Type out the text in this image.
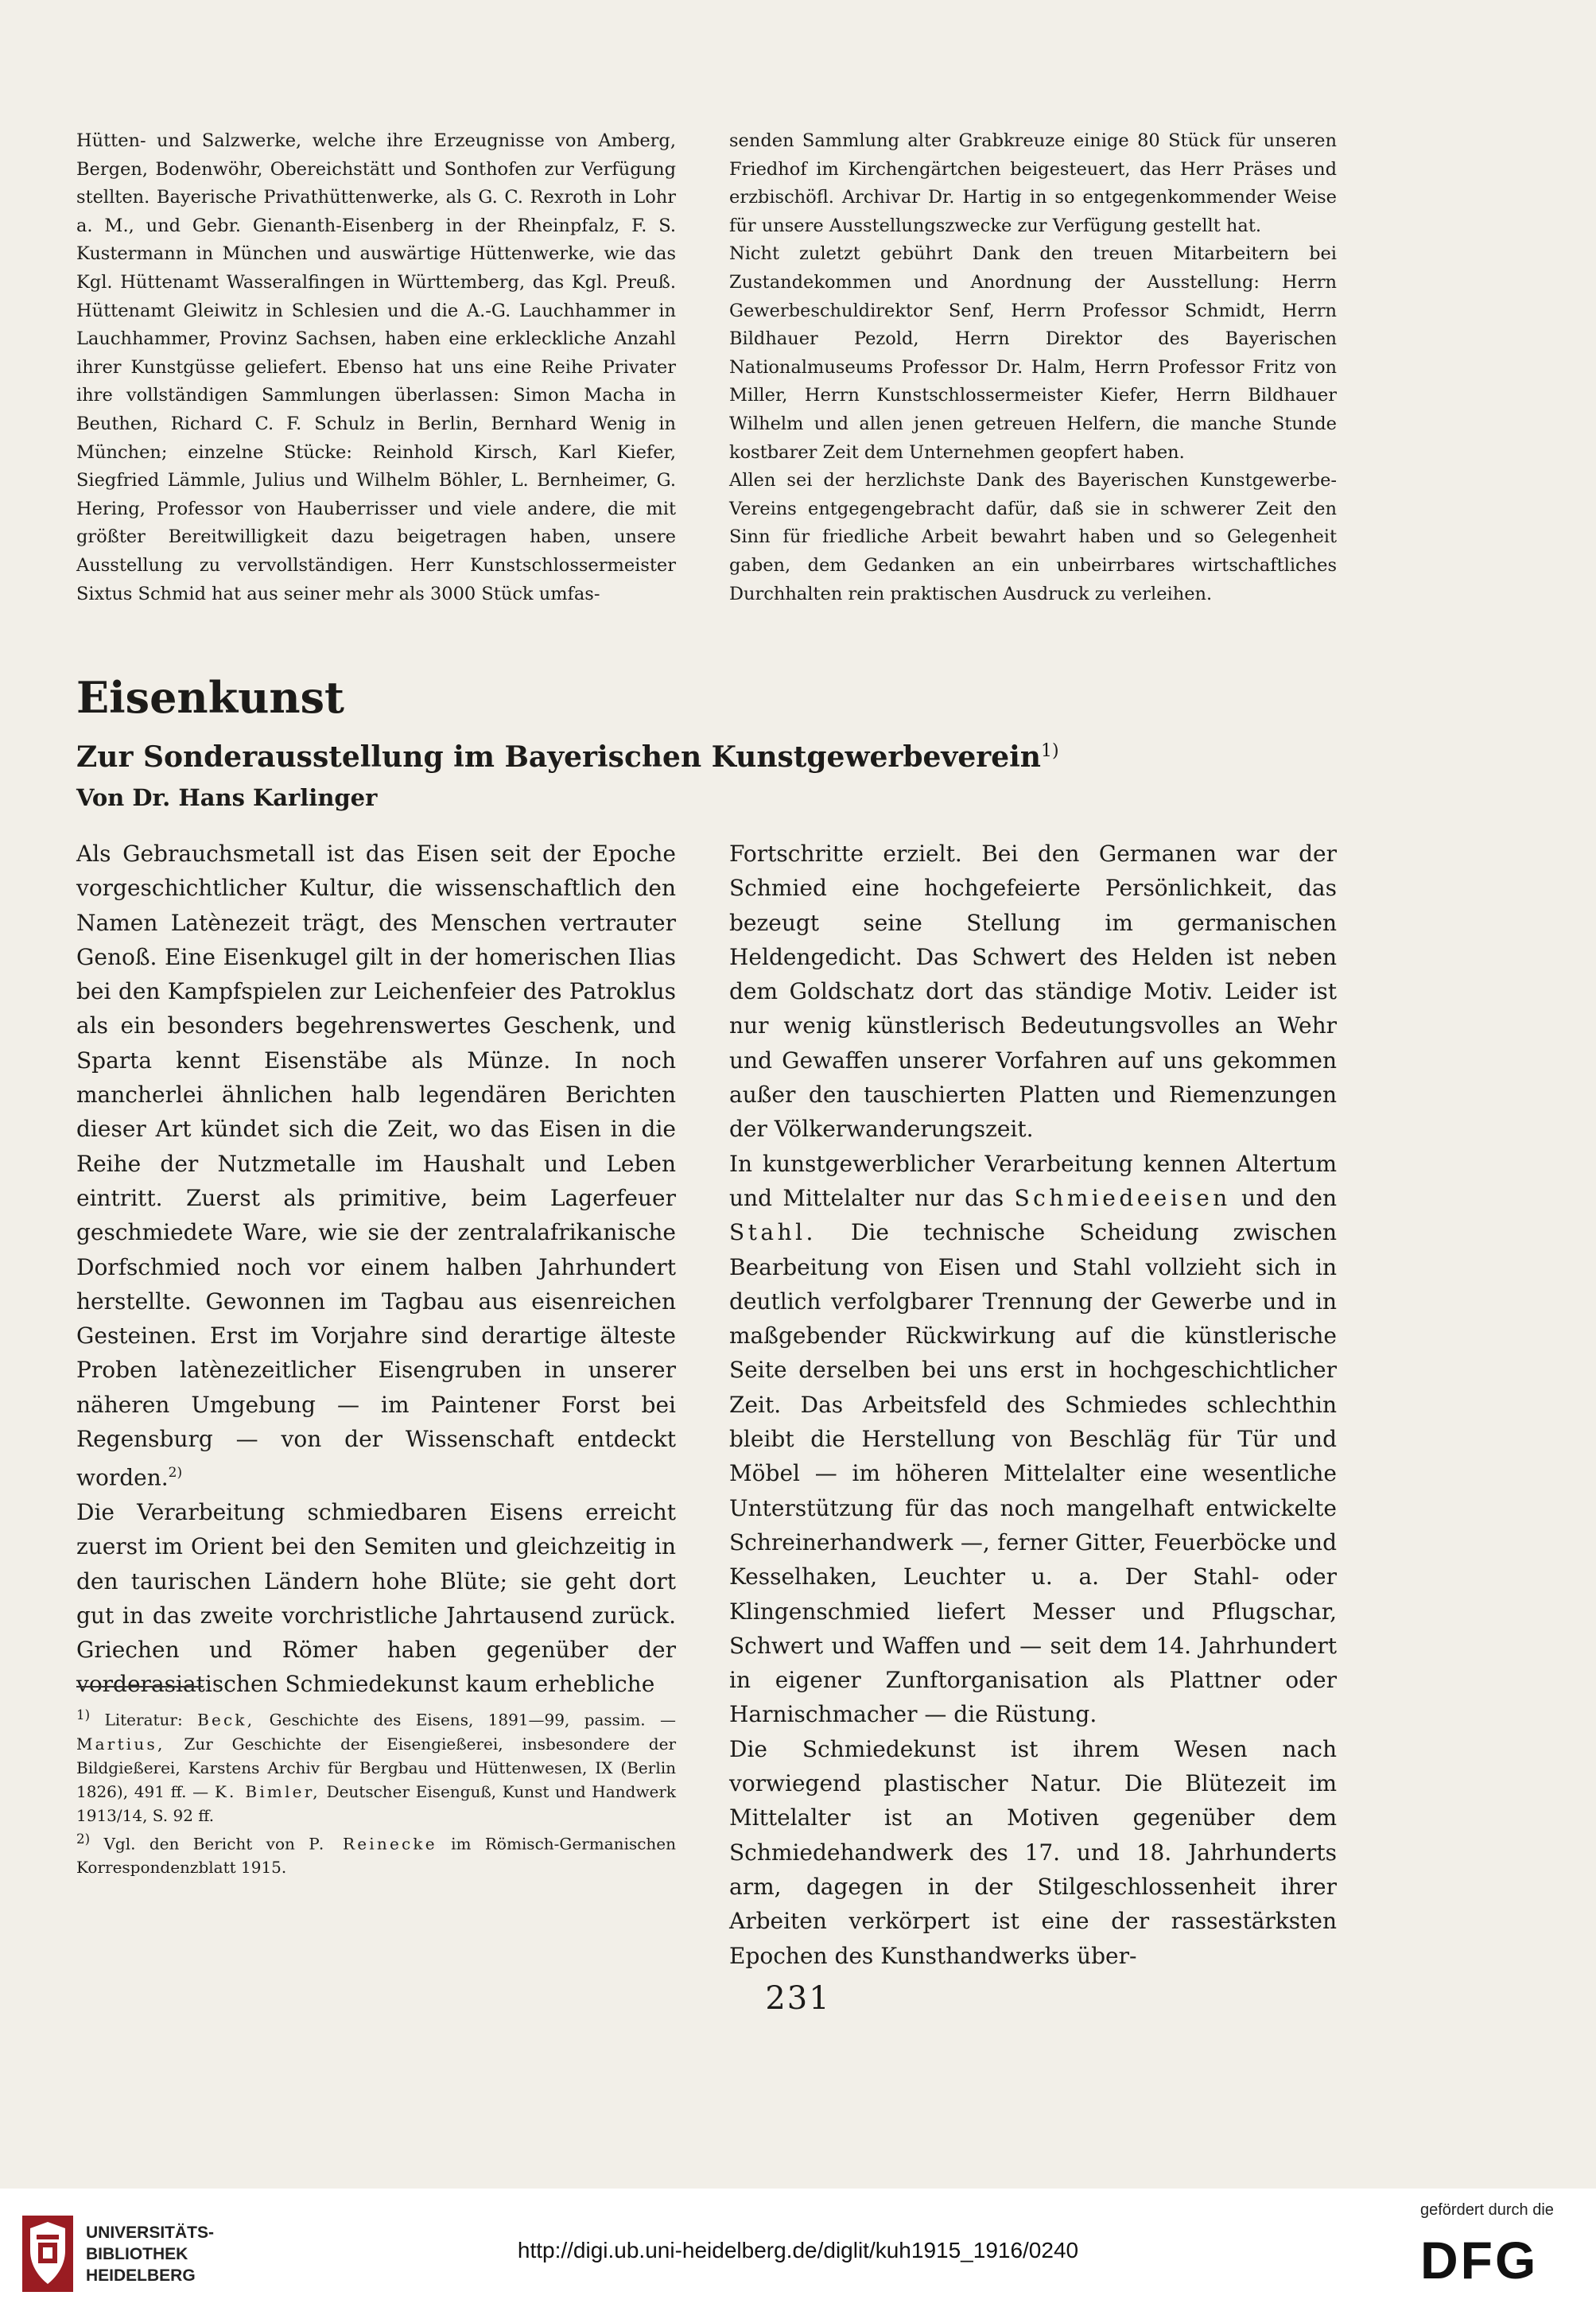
Hütten- und Salzwerke, welche ihre Erzeugnisse von Amberg, Bergen, Bodenwöhr, Obereichstätt und Sonthofen zur Verfügung stellten. Bayerische Privathüttenwerke, als G. C. Rexroth in Lohr a. M., und Gebr. Gienanth-Eisenberg in der Rheinpfalz, F. S. Kustermann in München und auswärtige Hüttenwerke, wie das Kgl. Hüttenamt Wasseralfingen in Württemberg, das Kgl. Preuß. Hüttenamt Gleiwitz in Schlesien und die A.-G. Lauchhammer in Lauchhammer, Provinz Sachsen, haben eine erkleckliche Anzahl ihrer Kunstgüsse geliefert. Ebenso hat uns eine Reihe Privater ihre vollständigen Sammlungen überlassen: Simon Macha in Beuthen, Richard C. F. Schulz in Berlin, Bernhard Wenig in München; einzelne Stücke: Reinhold Kirsch, Karl Kiefer, Siegfried Lämmle, Julius und Wilhelm Böhler, L. Bernheimer, G. Hering, Professor von Hauberrisser und viele andere, die mit größter Bereitwilligkeit dazu beigetragen haben, unsere Ausstellung zu vervollständigen. Herr Kunstschlossermeister Sixtus Schmid hat aus seiner mehr als 3000 Stück umfas-

senden Sammlung alter Grabkreuze einige 80 Stück für unseren Friedhof im Kirchengärtchen beigesteuert, das Herr Präses und erzbischöfl. Archivar Dr. Hartig in so entgegenkommender Weise für unsere Ausstellungszwecke zur Verfügung gestellt hat.

Nicht zuletzt gebührt Dank den treuen Mitarbeitern bei Zustandekommen und Anordnung der Ausstellung: Herrn Gewerbeschuldirektor Senf, Herrn Professor Schmidt, Herrn Bildhauer Pezold, Herrn Direktor des Bayerischen Nationalmuseums Professor Dr. Halm, Herrn Professor Fritz von Miller, Herrn Kunstschlossermeister Kiefer, Herrn Bildhauer Wilhelm und allen jenen getreuen Helfern, die manche Stunde kostbarer Zeit dem Unternehmen geopfert haben.

Allen sei der herzlichste Dank des Bayerischen Kunstgewerbe-Vereins entgegengebracht dafür, daß sie in schwerer Zeit den Sinn für friedliche Arbeit bewahrt haben und so Gelegenheit gaben, dem Gedanken an ein unbeirrbares wirtschaftliches Durchhalten rein praktischen Ausdruck zu verleihen.

Eisenkunst
Zur Sonderausstellung im Bayerischen Kunstgewerbeverein$^{1)}$

Von Dr. Hans Karlinger

Als Gebrauchsmetall ist das Eisen seit der Epoche vorgeschichtlicher Kultur, die wissenschaftlich den Namen Latènezeit trägt, des Menschen vertrauter Genoß. Eine Eisenkugel gilt in der homerischen Ilias bei den Kampfspielen zur Leichenfeier des Patroklus als ein besonders begehrenswertes Geschenk, und Sparta kennt Eisenstäbe als Münze. In noch mancherlei ähnlichen halb legendären Berichten dieser Art kündet sich die Zeit, wo das Eisen in die Reihe der Nutzmetalle im Haushalt und Leben eintritt. Zuerst als primitive, beim Lagerfeuer geschmiedete Ware, wie sie der zentralafrikanische Dorfschmied noch vor einem halben Jahrhundert herstellte. Gewonnen im Tagbau aus eisenreichen Gesteinen. Erst im Vorjahre sind derartige älteste Proben latènezeitlicher Eisengruben in unserer näheren Umgebung — im Paintener Forst bei Regensburg — von der Wissenschaft entdeckt worden.$^{2)}$

Die Verarbeitung schmiedbaren Eisens erreicht zuerst im Orient bei den Semiten und gleichzeitig in den taurischen Ländern hohe Blüte; sie geht dort gut in das zweite vorchristliche Jahrtausend zurück. Griechen und Römer haben gegenüber der vorderasiatischen Schmiedekunst kaum erhebliche

$^{1)}$ Literatur: Beck, Geschichte des Eisens, 1891—99, passim. — Martius, Zur Geschichte der Eisengießerei, insbesondere der Bildgießerei, Karstens Archiv für Bergbau und Hüttenwesen, IX (Berlin 1826), 491 ff. — K. Bimler, Deutscher Eisenguß, Kunst und Handwerk 1913/14, S. 92 ff.

$^{2)}$ Vgl. den Bericht von P. Reinecke im Römisch-Germanischen Korrespondenzblatt 1915.

Fortschritte erzielt. Bei den Germanen war der Schmied eine hochgefeierte Persönlichkeit, das bezeugt seine Stellung im germanischen Heldengedicht. Das Schwert des Helden ist neben dem Goldschatz dort das ständige Motiv. Leider ist nur wenig künstlerisch Bedeutungsvolles an Wehr und Gewaffen unserer Vorfahren auf uns gekommen außer den tauschierten Platten und Riemenzungen der Völkerwanderungszeit.

In kunstgewerblicher Verarbeitung kennen Altertum und Mittelalter nur das Schmiedeeisen und den Stahl. Die technische Scheidung zwischen Bearbeitung von Eisen und Stahl vollzieht sich in deutlich verfolgbarer Trennung der Gewerbe und in maßgebender Rückwirkung auf die künstlerische Seite derselben bei uns erst in hochgeschichtlicher Zeit. Das Arbeitsfeld des Schmiedes schlechthin bleibt die Herstellung von Beschläg für Tür und Möbel — im höheren Mittelalter eine wesentliche Unterstützung für das noch mangelhaft entwickelte Schreinerhandwerk —, ferner Gitter, Feuerböcke und Kesselhaken, Leuchter u. a. Der Stahl- oder Klingenschmied liefert Messer und Pflugschar, Schwert und Waffen und — seit dem 14. Jahrhundert in eigener Zunftorganisation als Plattner oder Harnischmacher — die Rüstung.

Die Schmiedekunst ist ihrem Wesen nach vorwiegend plastischer Natur. Die Blütezeit im Mittelalter ist an Motiven gegenüber dem Schmiedehandwerk des 17. und 18. Jahrhunderts arm, dagegen in der Stilgeschlossenheit ihrer Arbeiten verkörpert ist eine der rassestärksten Epochen des Kunsthandwerks über-

231

UNIVERSITÄTS-
BIBLIOTHEK
HEIDELBERG

http://digi.ub.uni-heidelberg.de/diglit/kuh1915_1916/0240

gefördert durch die

DFG
